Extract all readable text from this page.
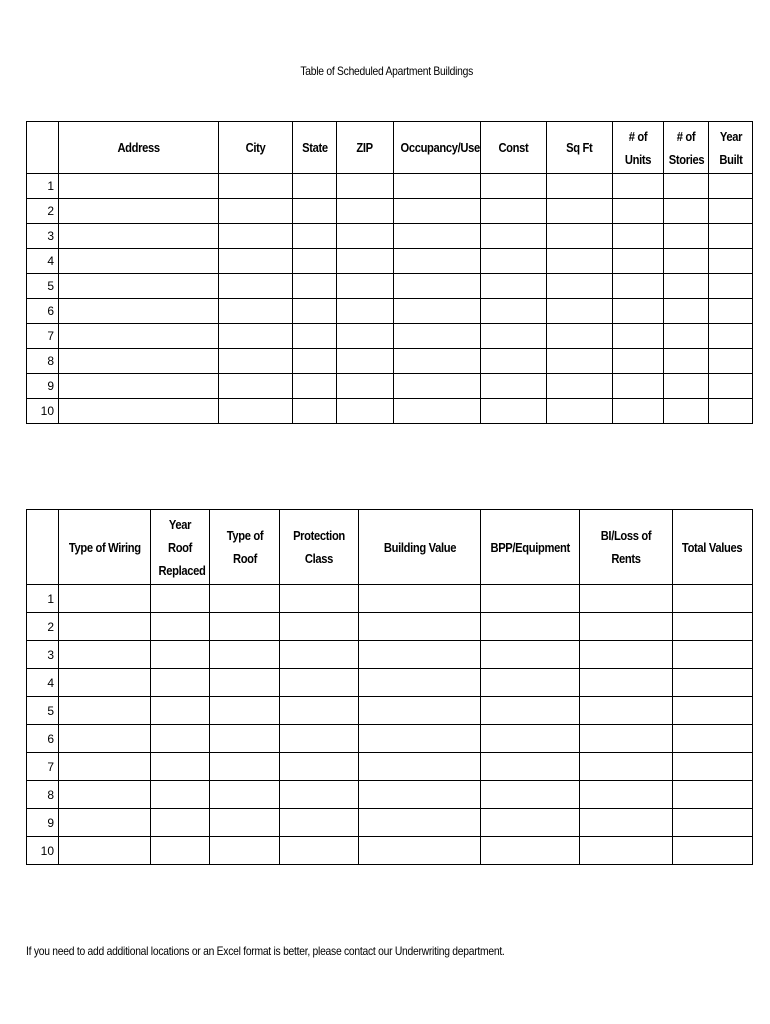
Table of Scheduled Apartment Buildings
	Address	City	State	ZIP	Occupancy/Use	Const	Sq Ft	# of Units	# of Stories	Year Built
1										
2										
3										
4										
5										
6										
7										
8										
9										
10										
	Type of Wiring	Year Roof Replaced	Type of Roof	Protection Class	Building Value	BPP/Equipment	BI/Loss of Rents	Total Values
1								
2								
3								
4								
5								
6								
7								
8								
9								
10								
If you need to add additional locations or an Excel format is better, please contact our Underwriting department.
